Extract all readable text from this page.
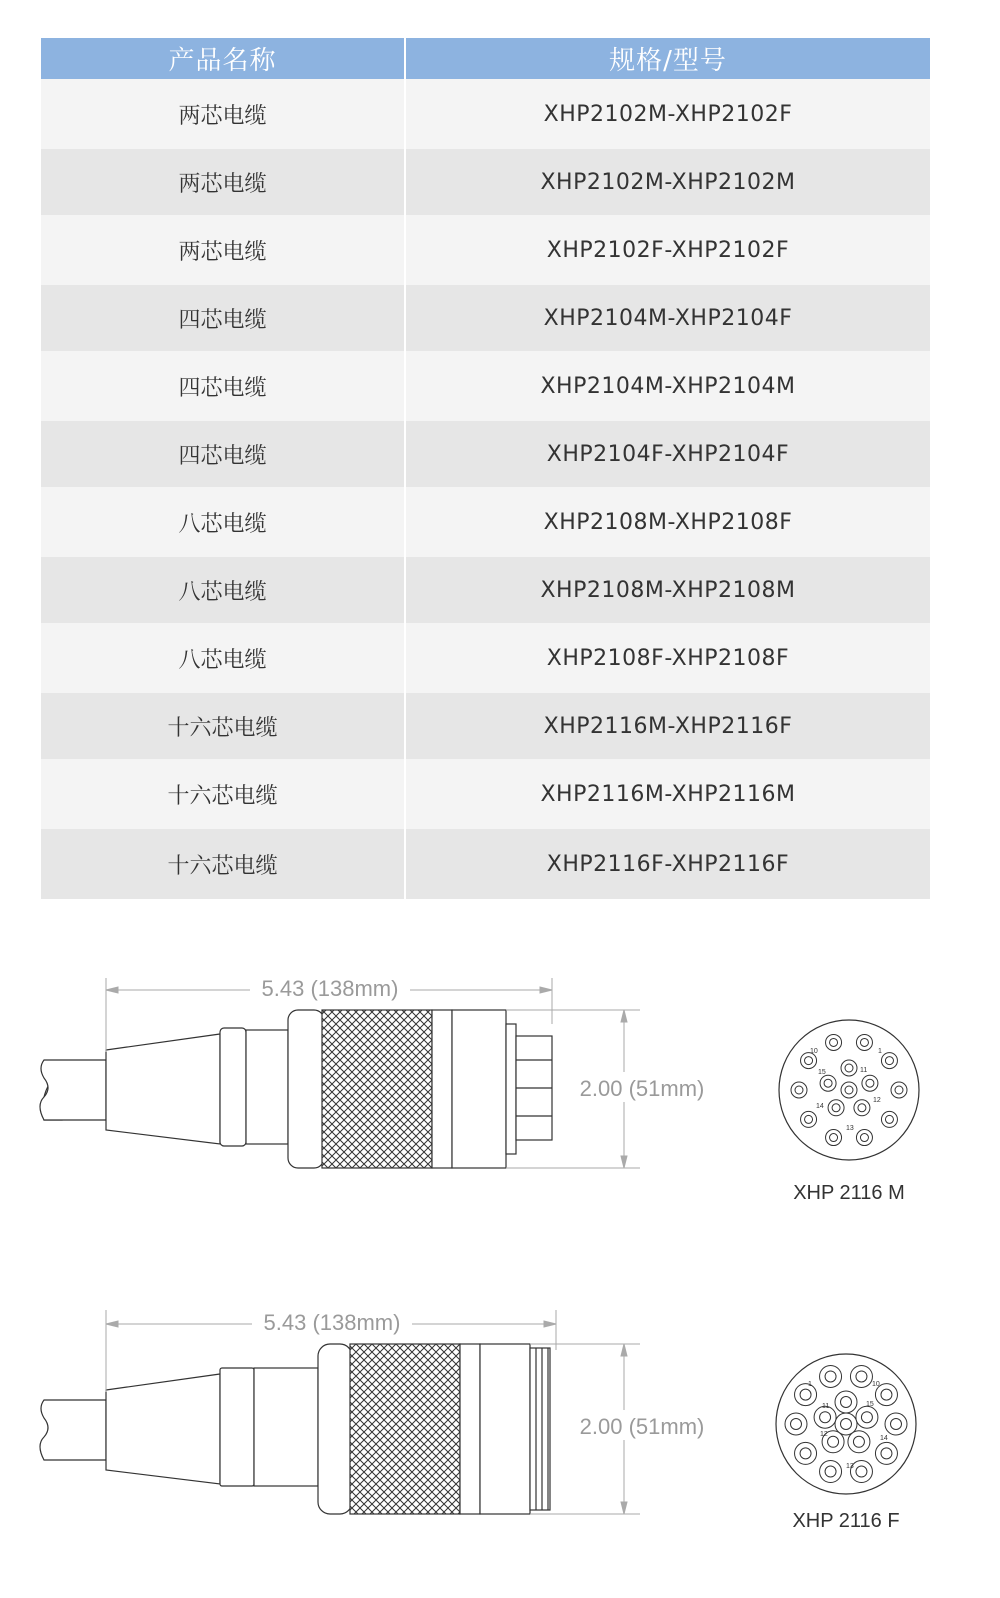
产品名称	规格/型号
两芯电缆	XHP2102M-XHP2102F
两芯电缆	XHP2102M-XHP2102M
两芯电缆	XHP2102F-XHP2102F
四芯电缆	XHP2104M-XHP2104F
四芯电缆	XHP2104M-XHP2104M
四芯电缆	XHP2104F-XHP2104F
八芯电缆	XHP2108M-XHP2108F
八芯电缆	XHP2108M-XHP2108M
八芯电缆	XHP2108F-XHP2108F
十六芯电缆	XHP2116M-XHP2116F
十六芯电缆	XHP2116M-XHP2116M
十六芯电缆	XHP2116F-XHP2116F
5.43 (138mm)
2.00 (51mm)
10	1
15	11
12
14
13
XHP 2116 M
5.43 (138mm)
2.00 (51mm)
1	10
11	15
12
14
13
XHP 2116 F
